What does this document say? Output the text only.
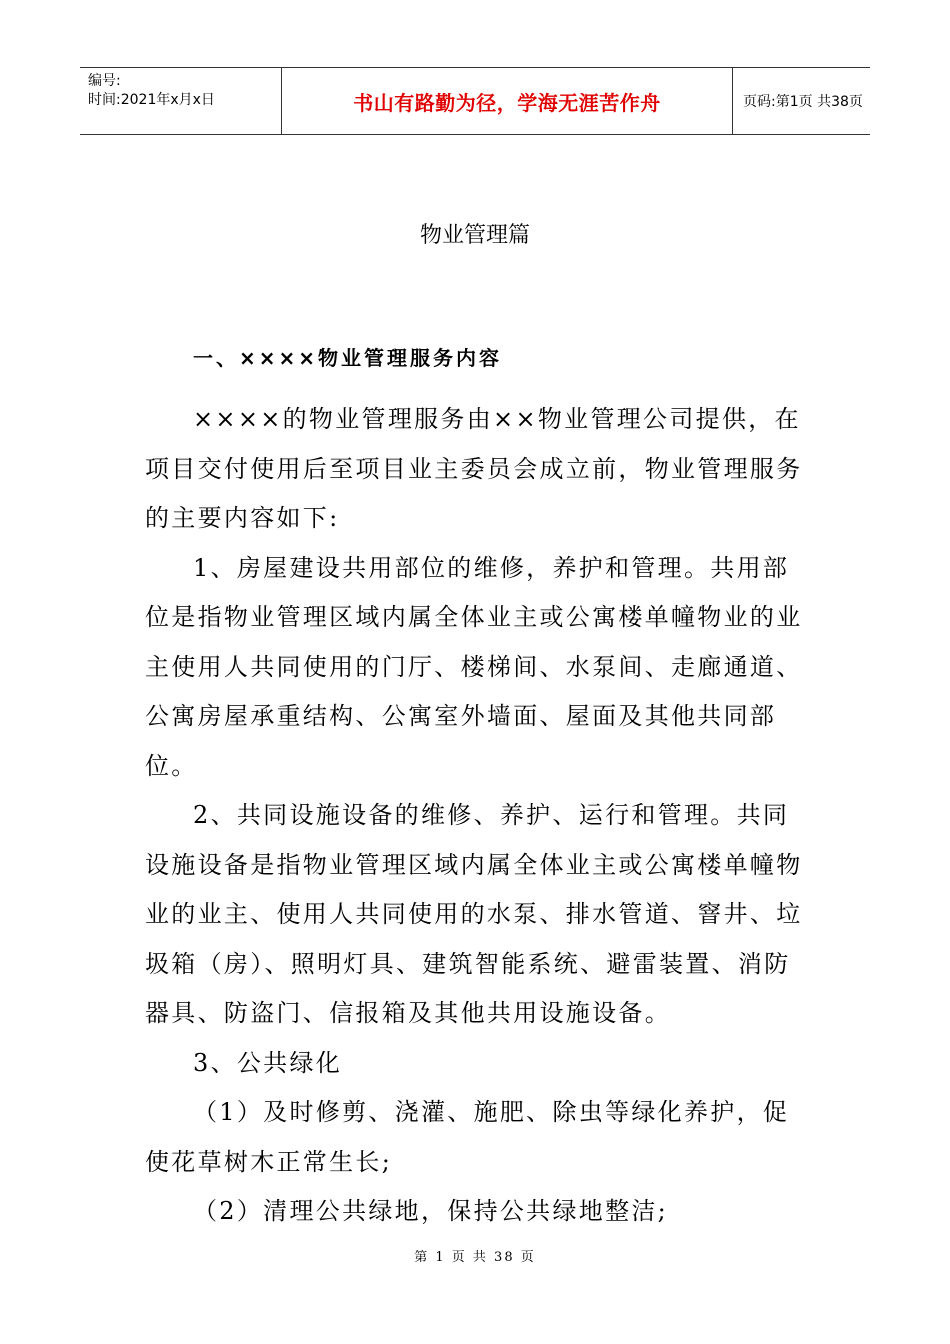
编号:
时间:2021年x月x日	书山有路勤为径，学海无涯苦作舟	页码:第1页 共38页
物业管理篇
一、××××物业管理服务内容

××××的物业管理服务由××物业管理公司提供，在项目交付使用后至项目业主委员会成立前，物业管理服务的主要内容如下:

1、房屋建设共用部位的维修，养护和管理。共用部位是指物业管理区域内属全体业主或公寓楼单幢物业的业主使用人共同使用的门厅、楼梯间、水泵间、走廊通道、公寓房屋承重结构、公寓室外墙面、屋面及其他共同部位。

2、共同设施设备的维修、养护、运行和管理。共同设施设备是指物业管理区域内属全体业主或公寓楼单幢物业的业主、使用人共同使用的水泵、排水管道、窨井、垃圾箱（房）、照明灯具、建筑智能系统、避雷装置、消防器具、防盗门、信报箱及其他共用设施设备。

3、公共绿化

（1）及时修剪、浇灌、施肥、除虫等绿化养护，促使花草树木正常生长;

（2）清理公共绿地，保持公共绿地整洁;

第 1 页 共 38 页
